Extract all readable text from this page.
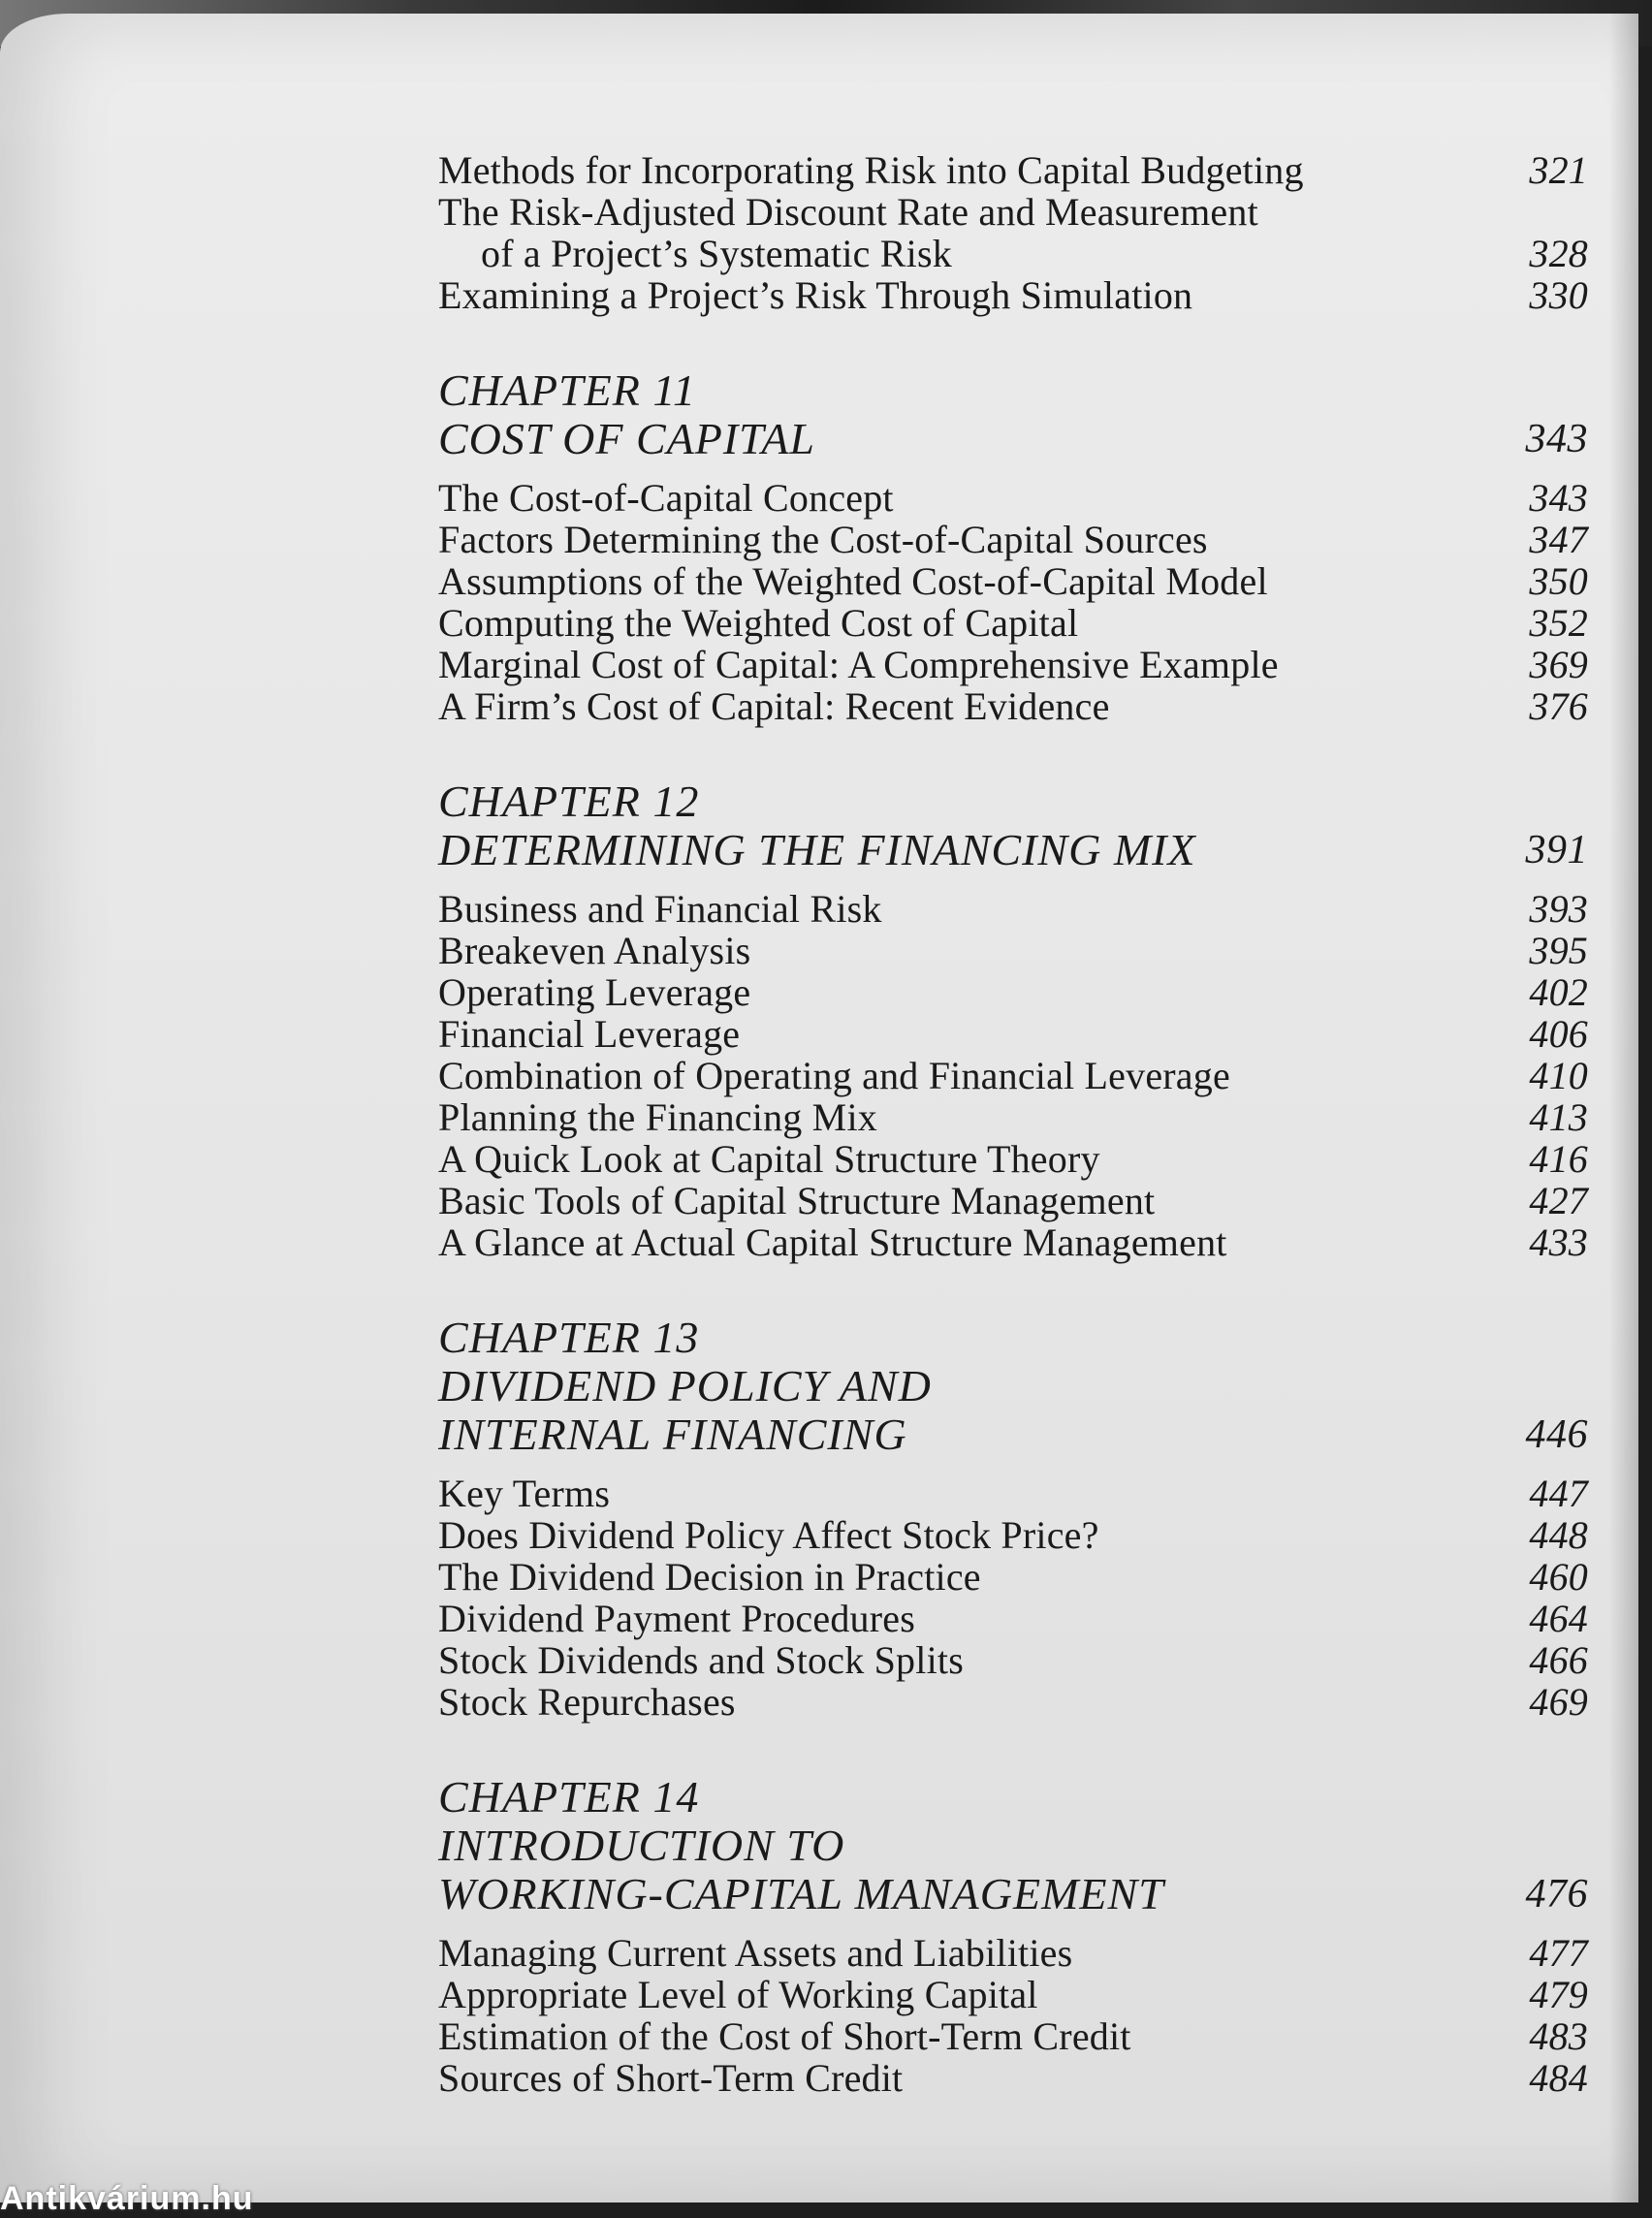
Methods for Incorporating Risk into Capital Budgeting	321
The Risk-Adjusted Discount Rate and Measurement
of a Project’s Systematic Risk	328
Examining a Project’s Risk Through Simulation	330
CHAPTER 11
COST OF CAPITAL	343
The Cost-of-Capital Concept	343
Factors Determining the Cost-of-Capital Sources	347
Assumptions of the Weighted Cost-of-Capital Model	350
Computing the Weighted Cost of Capital	352
Marginal Cost of Capital: A Comprehensive Example	369
A Firm’s Cost of Capital: Recent Evidence	376
CHAPTER 12
DETERMINING THE FINANCING MIX	391
Business and Financial Risk	393
Breakeven Analysis	395
Operating Leverage	402
Financial Leverage	406
Combination of Operating and Financial Leverage	410
Planning the Financing Mix	413
A Quick Look at Capital Structure Theory	416
Basic Tools of Capital Structure Management	427
A Glance at Actual Capital Structure Management	433
CHAPTER 13
DIVIDEND POLICY AND
INTERNAL FINANCING	446
Key Terms	447
Does Dividend Policy Affect Stock Price?	448
The Dividend Decision in Practice	460
Dividend Payment Procedures	464
Stock Dividends and Stock Splits	466
Stock Repurchases	469
CHAPTER 14
INTRODUCTION TO
WORKING-CAPITAL MANAGEMENT	476
Managing Current Assets and Liabilities	477
Appropriate Level of Working Capital	479
Estimation of the Cost of Short-Term Credit	483
Sources of Short-Term Credit	484
Antikvárium.hu
